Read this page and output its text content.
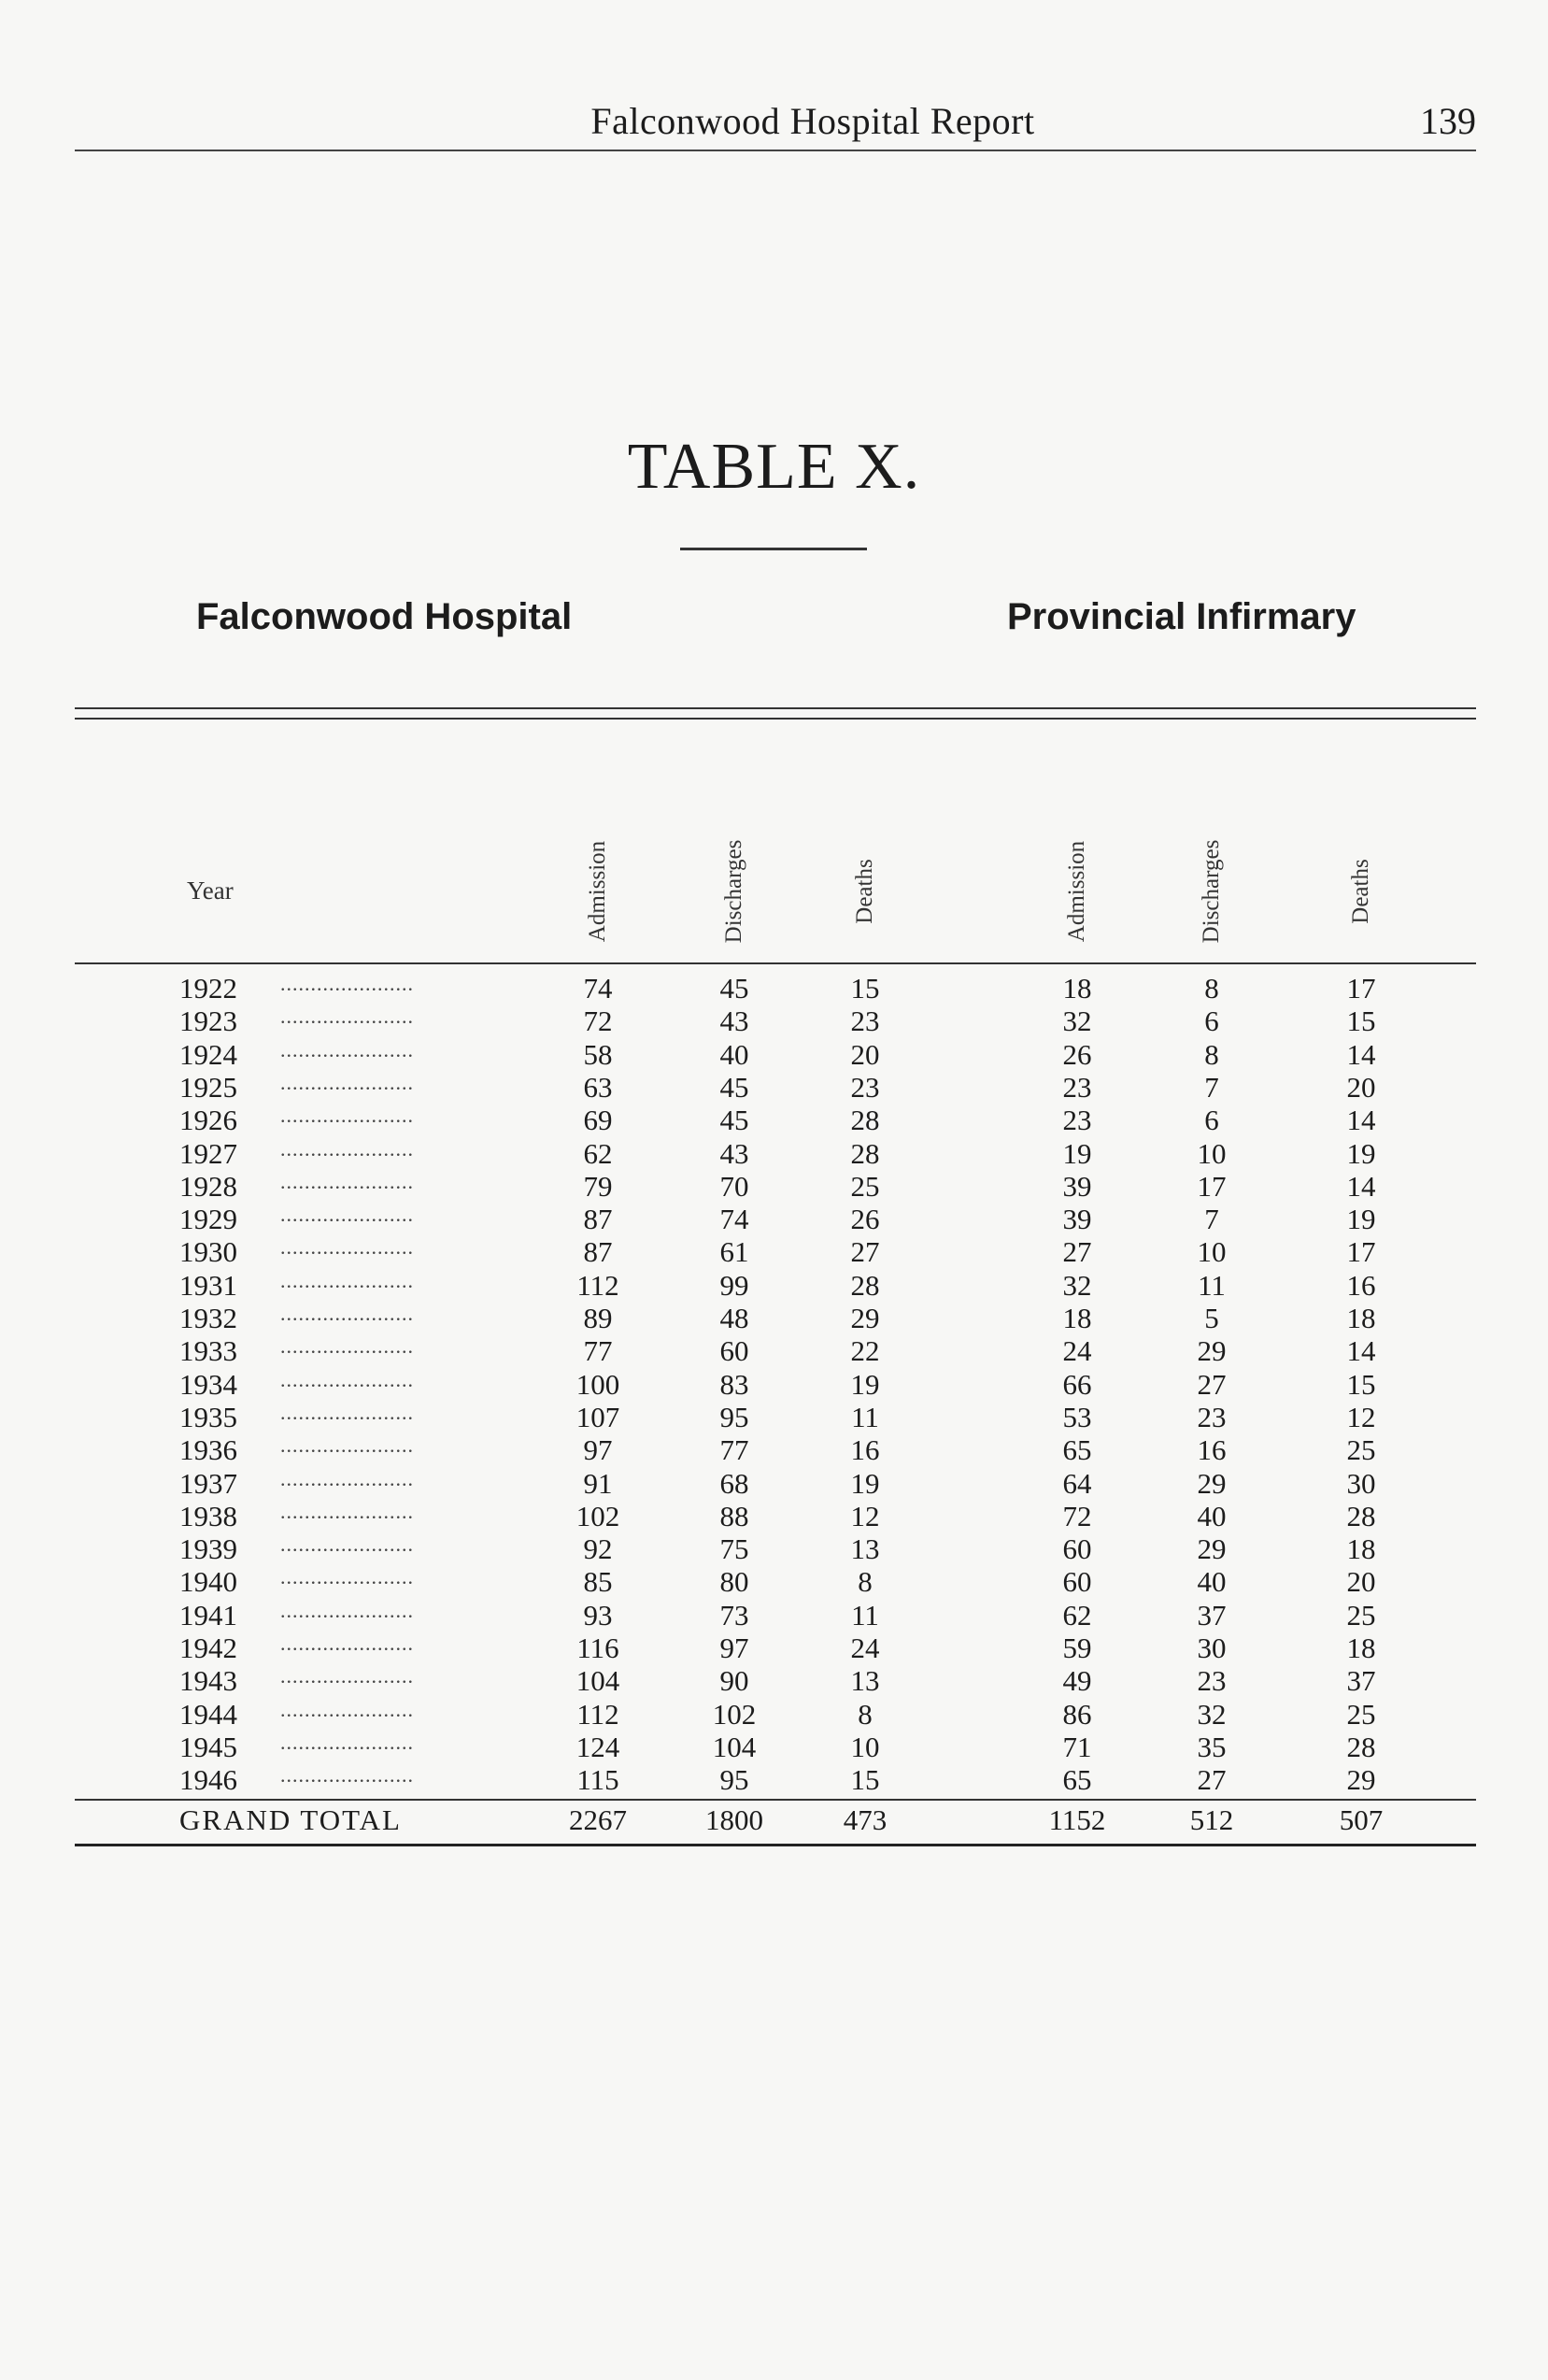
Falconwood Hospital Report	139
TABLE X.
Falconwood Hospital	Provincial Infirmary
Year	Admission	Discharges	Deaths	Admission	Discharges	Deaths
1922 ......................	74	45	15	18	8	17
1923 ......................	72	43	23	32	6	15
1924 ......................	58	40	20	26	8	14
1925 ......................	63	45	23	23	7	20
1926 ......................	69	45	28	23	6	14
1927 ......................	62	43	28	19	10	19
1928 ......................	79	70	25	39	17	14
1929 ......................	87	74	26	39	7	19
1930 ......................	87	61	27	27	10	17
1931 ......................	112	99	28	32	11	16
1932 ......................	89	48	29	18	5	18
1933 ......................	77	60	22	24	29	14
1934 ......................	100	83	19	66	27	15
1935 ......................	107	95	11	53	23	12
1936 ......................	97	77	16	65	16	25
1937 ......................	91	68	19	64	29	30
1938 ......................	102	88	12	72	40	28
1939 ......................	92	75	13	60	29	18
1940 ......................	85	80	8	60	40	20
1941 ......................	93	73	11	62	37	25
1942 ......................	116	97	24	59	30	18
1943 ......................	104	90	13	49	23	37
1944 ......................	112	102	8	86	32	25
1945 ......................	124	104	10	71	35	28
1946 ......................	115	95	15	65	27	29
GRAND TOTAL	2267	1800	473	1152	512	507
